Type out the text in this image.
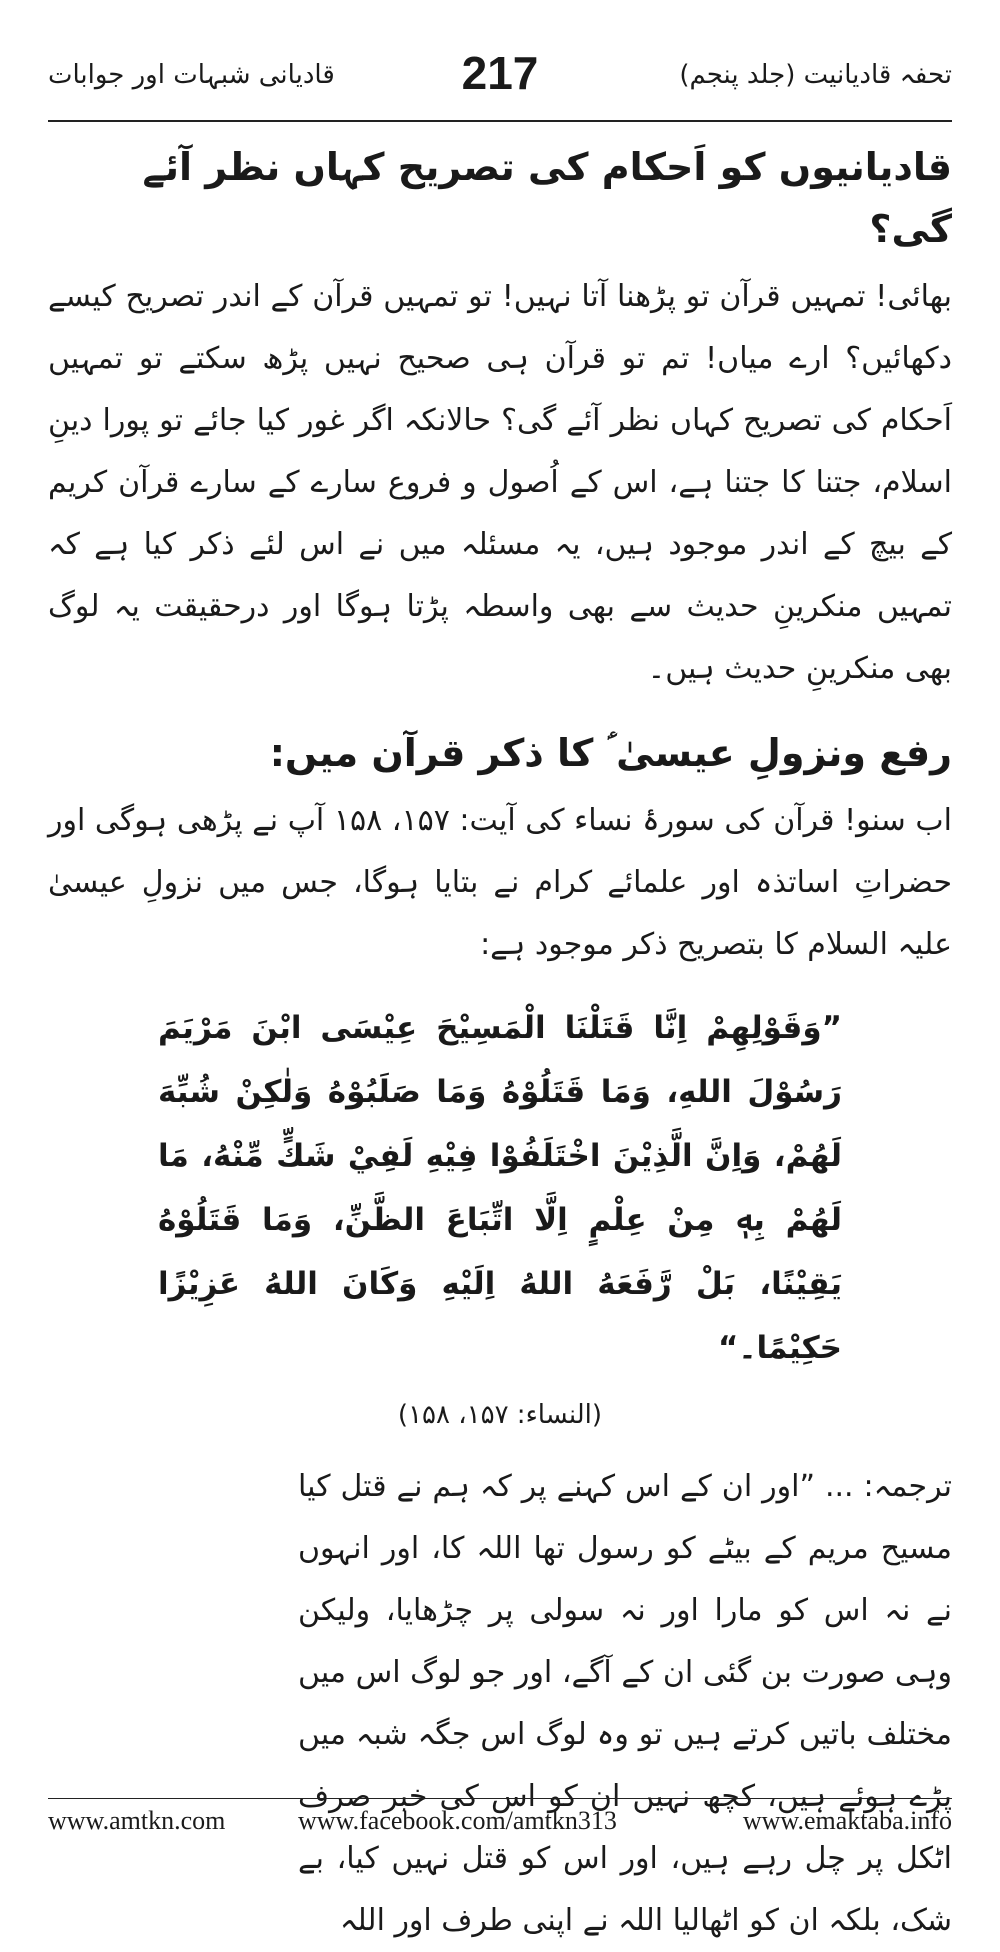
تحفہ قادیانیت (جلد پنجم)
217
قادیانی شبہات اور جوابات
قادیانیوں کو اَحکام کی تصریح کہاں نظر آئے گی؟

بھائی! تمہیں قرآن تو پڑھنا آتا نہیں! تو تمہیں قرآن کے اندر تصریح کیسے دکھائیں؟ ارے میاں! تم تو قرآن ہی صحیح نہیں پڑھ سکتے تو تمہیں اَحکام کی تصریح کہاں نظر آئے گی؟ حالانکہ اگر غور کیا جائے تو پورا دینِ اسلام، جتنا کا جتنا ہے، اس کے اُصول و فروع سارے کے سارے قرآن کریم کے بیچ کے اندر موجود ہیں، یہ مسئلہ میں نے اس لئے ذکر کیا ہے کہ تمہیں منکرینِ حدیث سے بھی واسطہ پڑتا ہوگا اور درحقیقت یہ لوگ بھی منکرینِ حدیث ہیں۔

رفع ونزولِ عیسیٰ ؑ کا ذکر قرآن میں:

اب سنو! قرآن کی سورۂ نساء کی آیت: ۱۵۷، ۱۵۸ آپ نے پڑھی ہوگی اور حضراتِ اساتذہ اور علمائے کرام نے بتایا ہوگا، جس میں نزولِ عیسیٰ علیہ السلام کا بتصریح ذکر موجود ہے:

”وَقَوْلِهِمْ اِنَّا قَتَلْنَا الْمَسِيْحَ عِيْسَى ابْنَ مَرْيَمَ رَسُوْلَ اللهِ، وَمَا قَتَلُوْهُ وَمَا صَلَبُوْهُ وَلٰكِنْ شُبِّهَ لَهُمْ، وَاِنَّ الَّذِيْنَ اخْتَلَفُوْا فِيْهِ لَفِيْ شَكٍّ مِّنْهُ، مَا لَهُمْ بِهٖ مِنْ عِلْمٍ اِلَّا اتِّبَاعَ الظَّنِّ، وَمَا قَتَلُوْهُ يَقِيْنًا، بَلْ رَّفَعَهُ اللهُ اِلَيْهِ وَكَانَ اللهُ عَزِيْزًا حَكِيْمًا۔“
(النساء: ۱۵۷، ۱۵۸)

ترجمہ: ... ”اور ان کے اس کہنے پر کہ ہم نے قتل کیا مسیح مریم کے بیٹے کو رسول تھا اللہ کا، اور انہوں نے نہ اس کو مارا اور نہ سولی پر چڑھایا، ولیکن وہی صورت بن گئی ان کے آگے، اور جو لوگ اس میں مختلف باتیں کرتے ہیں تو وہ لوگ اس جگہ شبہ میں پڑے ہوئے ہیں، کچھ نہیں ان کو اس کی خبر صرف اٹکل پر چل رہے ہیں، اور اس کو قتل نہیں کیا، بے شک، بلکہ ان کو اٹھالیا اللہ نے اپنی طرف اور اللہ

www.amtkn.com	www.facebook.com/amtkn313	www.emaktaba.info
